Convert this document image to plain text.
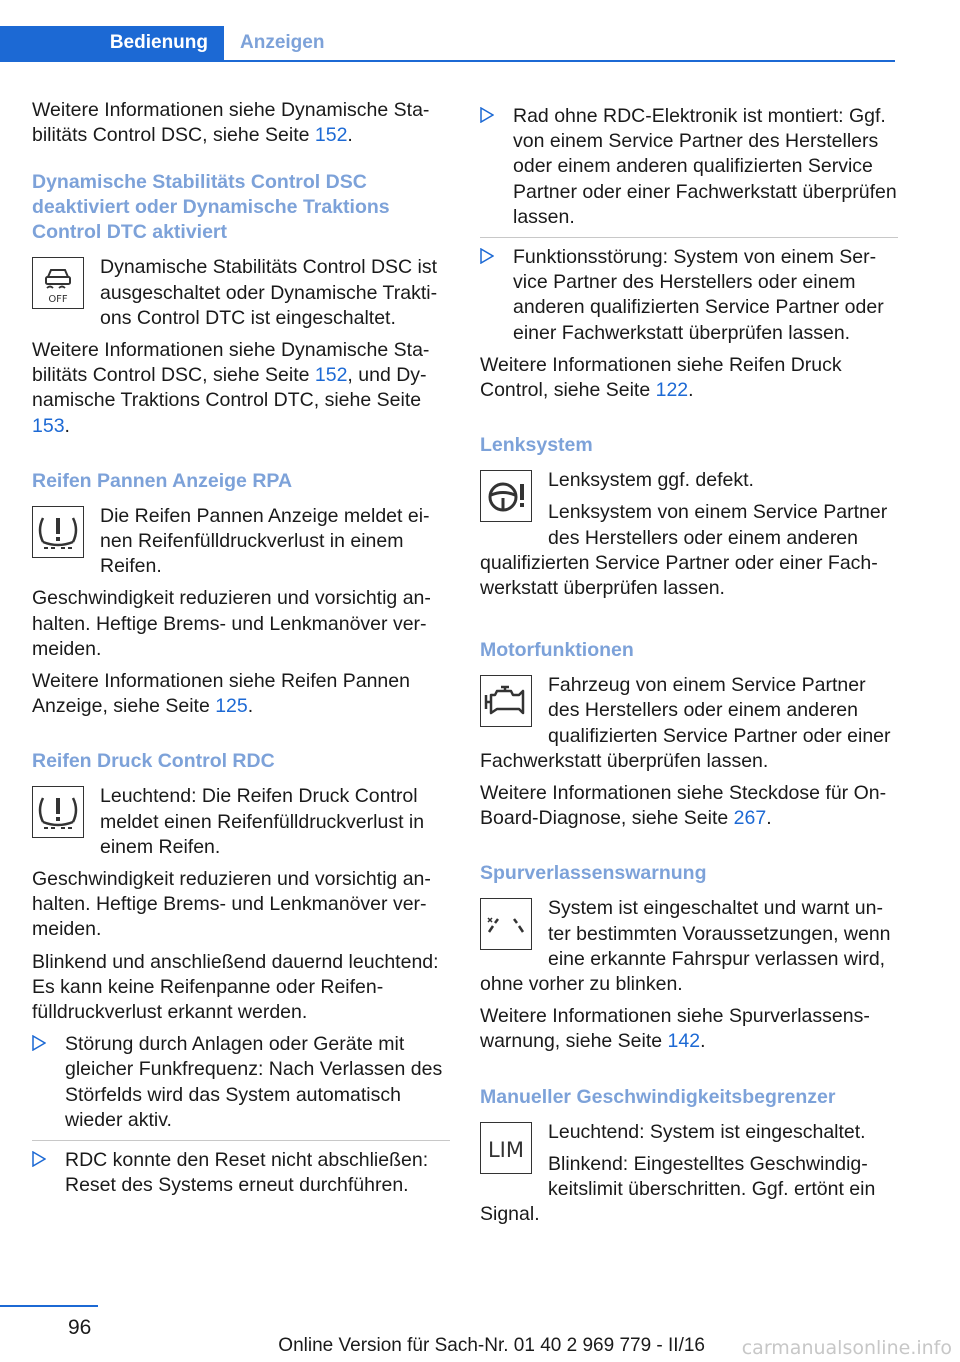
Bedienung	Anzeigen

Weitere Informationen siehe Dynamische Stabilitäts Control DSC, siehe Seite 152.

Dynamische Stabilitäts Control DSC deaktiviert oder Dynamische Traktions Control DTC aktiviert
OFF

Dynamische Stabilitäts Control DSC ist ausgeschaltet oder Dynamische Traktions Control DTC ist eingeschaltet.

Weitere Informationen siehe Dynamische Stabilitäts Control DSC, siehe Seite 152, und Dynamische Traktions Control DTC, siehe Seite 153.

Reifen Pannen Anzeige RPA

Die Reifen Pannen Anzeige meldet einen Reifenfülldruckverlust in einem Reifen.

Geschwindigkeit reduzieren und vorsichtig anhalten. Heftige Brems- und Lenkmanöver vermeiden.

Weitere Informationen siehe Reifen Pannen Anzeige, siehe Seite 125.

Reifen Druck Control RDC

Leuchtend: Die Reifen Druck Control meldet einen Reifenfülldruckverlust in einem Reifen.

Geschwindigkeit reduzieren und vorsichtig anhalten. Heftige Brems- und Lenkmanöver vermeiden.

Blinkend und anschließend dauernd leuchtend: Es kann keine Reifenpanne oder Reifenfülldruckverlust erkannt werden.

Störung durch Anlagen oder Geräte mit gleicher Funkfrequenz: Nach Verlassen des Störfelds wird das System automatisch wieder aktiv.
RDC konnte den Reset nicht abschließen: Reset des Systems erneut durchführen.
Rad ohne RDC-Elektronik ist montiert: Ggf. von einem Service Partner des Herstellers oder einem anderen qualifizierten Service Partner oder einer Fachwerkstatt überprüfen lassen.
Funktionsstörung: System von einem Service Partner des Herstellers oder einem anderen qualifizierten Service Partner oder einer Fachwerkstatt überprüfen lassen.

Weitere Informationen siehe Reifen Druck Control, siehe Seite 122.

Lenksystem

Lenksystem ggf. defekt.

Lenksystem von einem Service Partner des Herstellers oder einem anderen qualifizierten Service Partner oder einer Fachwerkstatt überprüfen lassen.

Motorfunktionen

Fahrzeug von einem Service Partner des Herstellers oder einem anderen qualifizierten Service Partner oder einer Fachwerkstatt überprüfen lassen.

Weitere Informationen siehe Steckdose für On-Board-Diagnose, siehe Seite 267.

Spurverlassenswarnung

System ist eingeschaltet und warnt unter bestimmten Voraussetzungen, wenn eine erkannte Fahrspur verlassen wird, ohne vorher zu blinken.

Weitere Informationen siehe Spurverlassenswarnung, siehe Seite 142.

Manueller Geschwindigkeitsbegrenzer
LIM

Leuchtend: System ist eingeschaltet.

Blinkend: Eingestelltes Geschwindigkeitslimit überschritten. Ggf. ertönt ein Signal.

96
Online Version für Sach-Nr. 01 40 2 969 779 - II/16 carmanualsonline.info
